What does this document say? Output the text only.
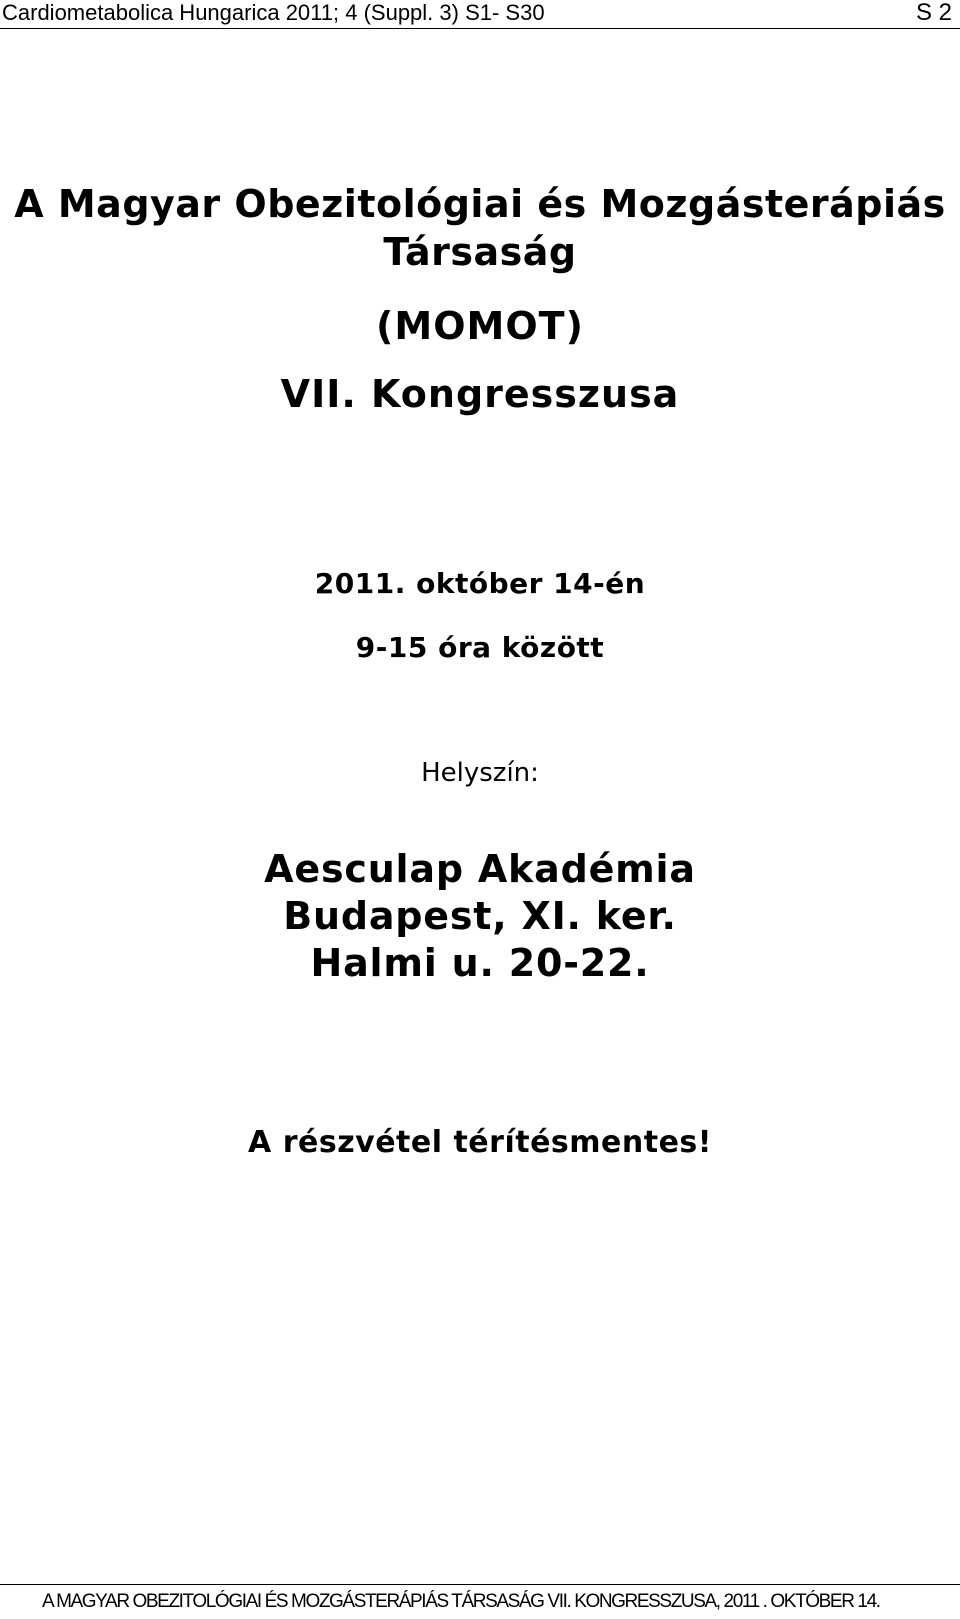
Cardiometabolica Hungarica 2011; 4 (Suppl. 3) S1- S30	S 2
A Magyar Obezitológiai és Mozgásterápiás
Társaság
(MOMOT)
VII. Kongresszusa
2011. október 14-én
9-15 óra között
Helyszín:
Aesculap Akadémia
Budapest, XI. ker.
Halmi u. 20-22.
A részvétel térítésmentes!
A MAGYAR OBEZITOLÓGIAI ÉS MOZGÁSTERÁPIÁS TÁRSASÁG VII. KONGRESSZUSA, 2011 . OKTÓBER 14.
